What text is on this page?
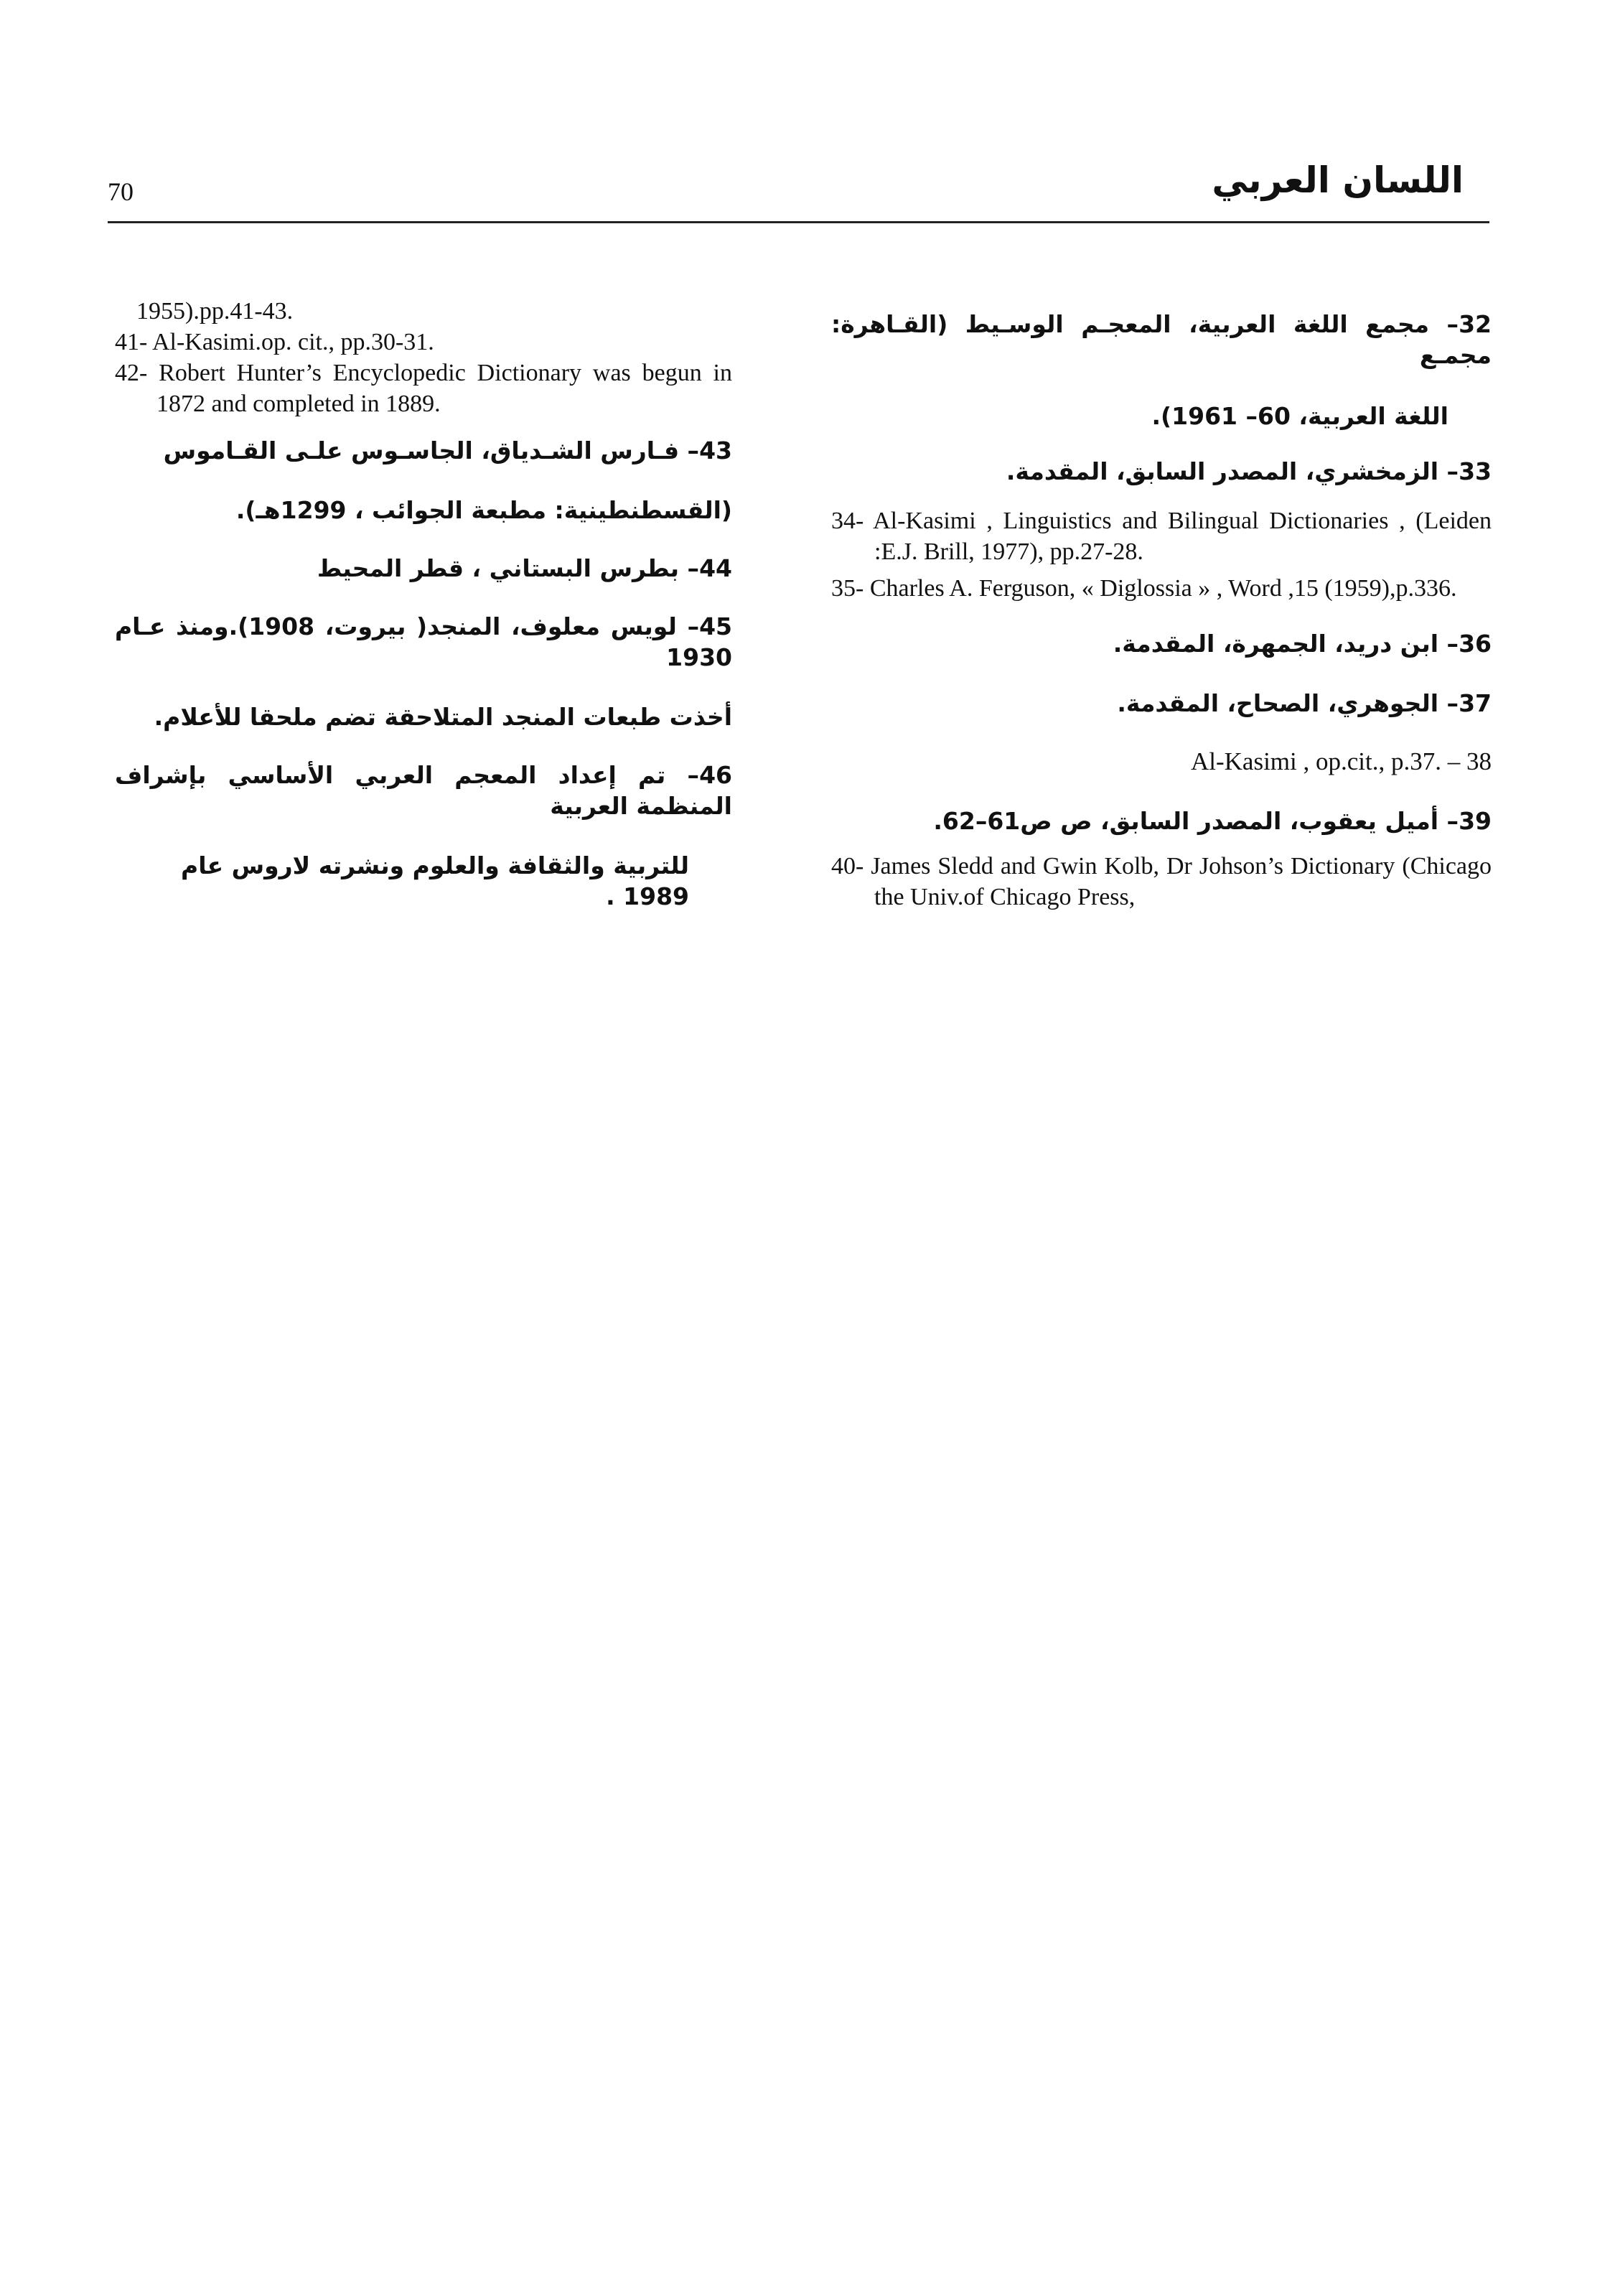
70	اللسان العربي

1955).pp.41-43.

41- Al-Kasimi.op. cit., pp.30-31.

42- Robert Hunter’s Encyclopedic Dictionary was begun in 1872 and completed in 1889.

43– فـارس الشـدياق، الجاسـوس علـى القـاموس

(القسطنطينية: مطبعة الجوائب ، 1299هـ).

44– بطرس البستاني ، قطر المحيط

45– لويس معلوف، المنجد( بيروت، 1908).ومنذ عـام 1930

أخذت طبعات المنجد المتلاحقة تضم ملحقا للأعلام.

46– تم إعداد المعجم العربي الأساسي بإشراف المنظمة العربية

للتربية والثقافة والعلوم ونشرته لاروس عام 1989 .

32– مجمع اللغة العربية، المعجـم الوسـيط (القـاهرة: مجمـع

اللغة العربية، 60– 1961).

33– الزمخشري، المصدر السابق، المقدمة.

34- Al-Kasimi , Linguistics and Bilingual Dictionaries , (Leiden :E.J. Brill, 1977), pp.27-28.

35- Charles A. Ferguson, « Diglossia » , Word ,15 (1959),p.336.

36– ابن دريد، الجمهرة، المقدمة.

37– الجوهري، الصحاح، المقدمة.

Al-Kasimi , op.cit., p.37. – 38

39– أميل يعقوب، المصدر السابق، ص ص61–62.

40- James Sledd and Gwin Kolb, Dr Johson’s Dictionary (Chicago the Univ.of Chicago Press,
